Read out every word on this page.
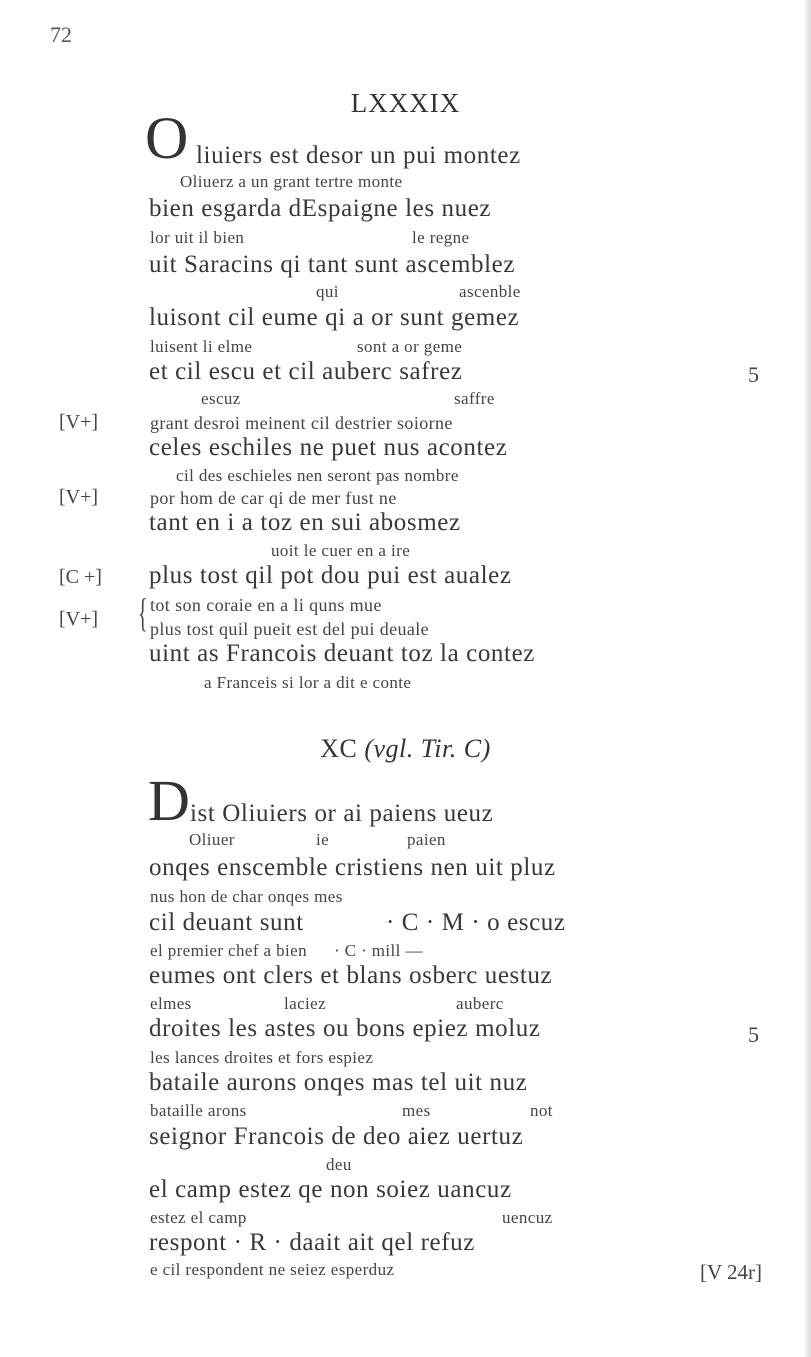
72
LXXXIX
O liuiers est desor un pui montez
Oliuerz a un grant tertre monte
bien esgarda dEspaigne les nuez
lor uit il bien	le regne
uit Saracins qi tant sunt ascemblez
qui	ascenble
luisont cil eume qi a or sunt gemez
luisent li elme	sont a or geme
et cil escu et cil auberc safrez	5
escuz	saffre
[V+]	grant desroi meinent cil destrier soiorne
celes eschiles ne puet nus acontez
cil des eschieles nen seront pas nombre
[V+]	por hom de car qi de mer fust ne
tant en i a toz en sui abosmez
uoit le cuer en a ire
[C +] plus tost qil pot dou pui est aualez
[V+] { tot son coraie en a li quns mue
plus tost quil pueit est del pui deuale
uint as Francois deuant toz la contez
a Franceis si lor a dit e conte
XC (vgl. Tir. C)
D ist Oliuiers or ai paiens ueuz
Oliuer	ie	paien
onqes enscemble cristiens nen uit pluz
nus hon de char onqes mes
cil deuant sunt	· C · M · o escuz
el premier chef a bien · C · mill —
eumes ont clers et blans osberc uestuz
elmes	laciez	auberc
droites les astes ou bons epiez moluz	5
les lances droites et fors espiez
bataile aurons onqes mas tel uit nuz
bataille arons	mes	not
seignor Francois de deo aiez uertuz
deu
el camp estez qe non soiez uancuz
estez el camp	uencuz
respont · R · daait ait qel refuz
e cil respondent ne seiez esperduz	[V 24r]
